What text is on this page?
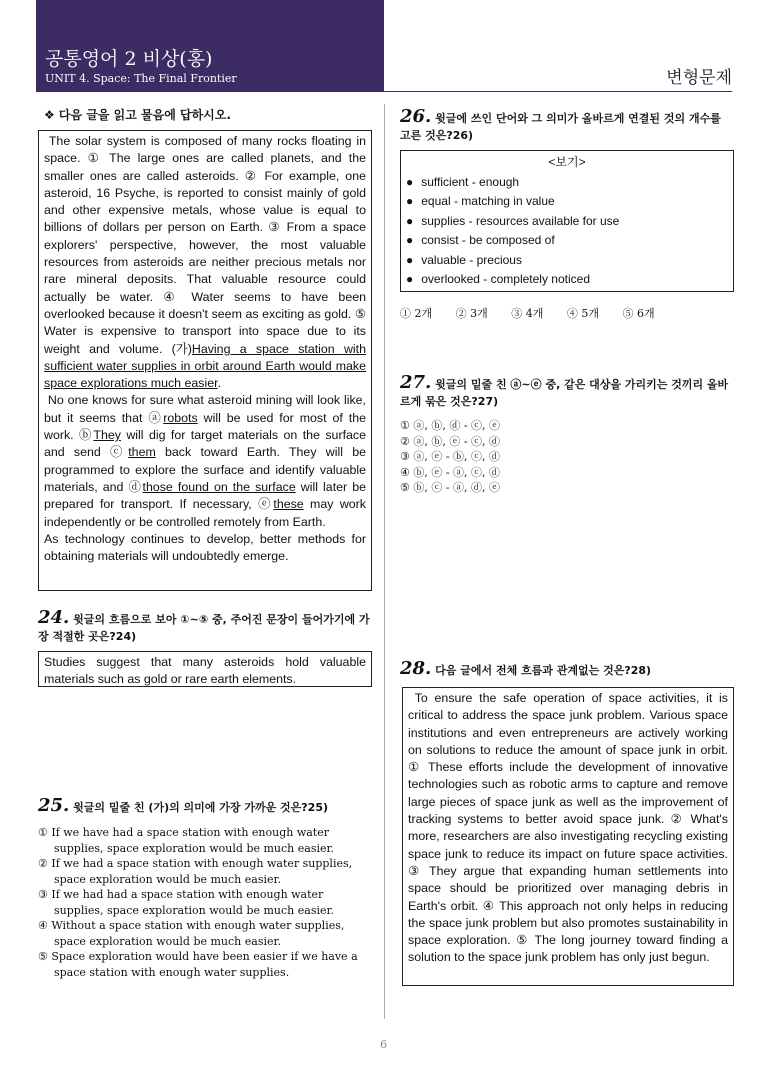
공통영어 2 비상(홍)
UNIT 4. Space: The Final Frontier	변형문제
❖ 다음 글을 읽고 물음에 답하시오.

The solar system is composed of many rocks floating in space. ① The large ones are called planets, and the smaller ones are called asteroids. ② For example, one asteroid, 16 Psyche, is reported to consist mainly of gold and other expensive metals, whose value is equal to billions of dollars per person on Earth. ③ From a space explorers' perspective, however, the most valuable resources from asteroids are neither precious metals nor rare mineral deposits. That valuable resource could actually be water. ④ Water seems to have been overlooked because it doesn't seem as exciting as gold. ⑤ Water is expensive to transport into space due to its weight and volume. (가)Having a space station with sufficient water supplies in orbit around Earth would make space explorations much easier.

No one knows for sure what asteroid mining will look like, but it seems that ⓐrobots will be used for most of the work. ⓑThey will dig for target materials on the surface and send ⓒthem back toward Earth. They will be programmed to explore the surface and identify valuable materials, and ⓓthose found on the surface will later be prepared for transport. If necessary, ⓔthese may work independently or be controlled remotely from Earth.

As technology continues to develop, better methods for obtaining materials will undoubtedly emerge.

24. 윗글의 흐름으로 보아 ①~⑤ 중, 주어진 문장이 들어가기에 가장 적절한 곳은?24)
Studies suggest that many asteroids hold valuable materials such as gold or rare earth elements.
25. 윗글의 밑줄 친 (가)의 의미에 가장 가까운 것은?25)
① If we have had a space station with enough water supplies, space exploration would be much easier.
② If we had a space station with enough water supplies, space exploration would be much easier.
③ If we had had a space station with enough water supplies, space exploration would be much easier.
④ Without a space station with enough water supplies, space exploration would be much easier.
⑤ Space exploration would have been easier if we have a space station with enough water supplies.
26. 윗글에 쓰인 단어와 그 의미가 올바르게 연결된 것의 개수를 고른 것은?26)
<보기>
● sufficient - enough
● equal - matching in value
● supplies - resources available for use
● consist - be composed of
● valuable - precious
● overlooked - completely noticed
① 2개 ② 3개 ③ 4개 ④ 5개 ⑤ 6개
27. 윗글의 밑줄 친 ⓐ~ⓔ 중, 같은 대상을 가리키는 것끼리 올바르게 묶은 것은?27)
① ⓐ, ⓑ, ⓓ - ⓒ, ⓔ
② ⓐ, ⓑ, ⓔ - ⓒ, ⓓ
③ ⓐ, ⓔ - ⓑ, ⓒ, ⓓ
④ ⓑ, ⓔ - ⓐ, ⓒ, ⓓ
⑤ ⓑ, ⓒ - ⓐ, ⓓ, ⓔ
28. 다음 글에서 전체 흐름과 관계없는 것은?28)
To ensure the safe operation of space activities, it is critical to address the space junk problem. Various space institutions and even entrepreneurs are actively working on solutions to reduce the amount of space junk in orbit. ① These efforts include the development of innovative technologies such as robotic arms to capture and remove large pieces of space junk as well as the improvement of tracking systems to better avoid space junk. ② What's more, researchers are also investigating recycling existing space junk to reduce its impact on future space activities. ③ They argue that expanding human settlements into space should be prioritized over managing debris in Earth's orbit. ④ This approach not only helps in reducing the space junk problem but also promotes sustainability in space exploration. ⑤ The long journey toward finding a solution to the space junk problem has only just begun.
6
